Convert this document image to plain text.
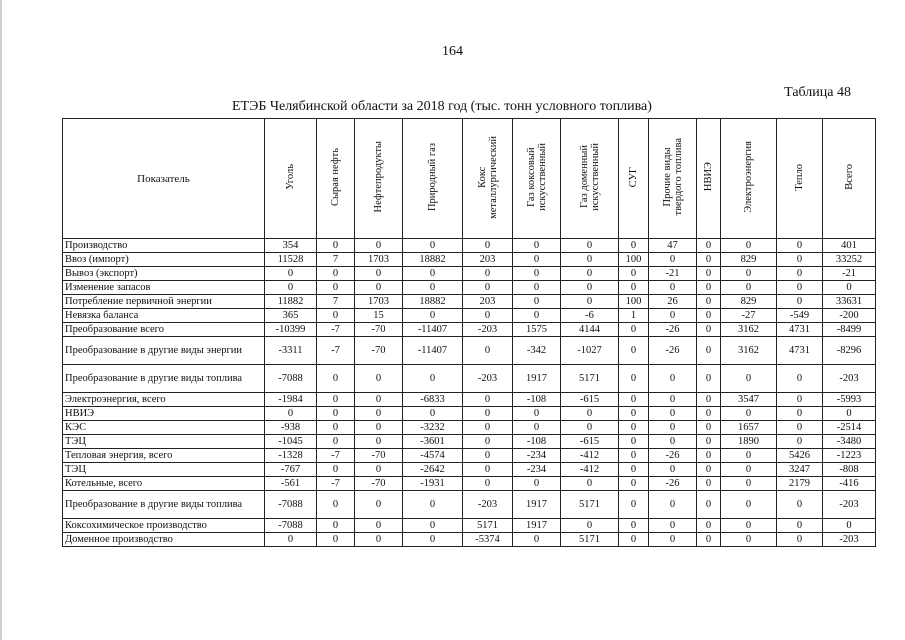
164
Таблица 48
ЕТЭБ Челябинской области за 2018 год (тыс. тонн условного топлива)
Показатель	Уголь	Сырая нефть	Нефтепродукты	Природный газ	Кокс
металлургический	Газ коксовый
искусственный	Газ доменный
искусственный	СУГ	Прочие виды
твердого топлива	НВИЭ	Электроэнергия	Тепло	Всего
Производство	354	0	0	0	0	0	0	0	47	0	0	0	401
Ввоз (импорт)	11528	7	1703	18882	203	0	0	100	0	0	829	0	33252
Вывоз (экспорт)	0	0	0	0	0	0	0	0	-21	0	0	0	-21
Изменение запасов	0	0	0	0	0	0	0	0	0	0	0	0	0
Потребление первичной энергии	11882	7	1703	18882	203	0	0	100	26	0	829	0	33631
Невязка баланса	365	0	15	0	0	0	-6	1	0	0	-27	-549	-200
Преобразование всего	-10399	-7	-70	-11407	-203	1575	4144	0	-26	0	3162	4731	-8499
Преобразование в другие виды энергии	-3311	-7	-70	-11407	0	-342	-1027	0	-26	0	3162	4731	-8296
Преобразование в другие виды топлива	-7088	0	0	0	-203	1917	5171	0	0	0	0	0	-203
Электроэнергия, всего	-1984	0	0	-6833	0	-108	-615	0	0	0	3547	0	-5993
НВИЭ	0	0	0	0	0	0	0	0	0	0	0	0	0
КЭС	-938	0	0	-3232	0	0	0	0	0	0	1657	0	-2514
ТЭЦ	-1045	0	0	-3601	0	-108	-615	0	0	0	1890	0	-3480
Тепловая энергия, всего	-1328	-7	-70	-4574	0	-234	-412	0	-26	0	0	5426	-1223
ТЭЦ	-767	0	0	-2642	0	-234	-412	0	0	0	0	3247	-808
Котельные, всего	-561	-7	-70	-1931	0	0	0	0	-26	0	0	2179	-416
Преобразование в другие виды топлива	-7088	0	0	0	-203	1917	5171	0	0	0	0	0	-203
Коксохимическое производство	-7088	0	0	0	5171	1917	0	0	0	0	0	0	0
Доменное производство	0	0	0	0	-5374	0	5171	0	0	0	0	0	-203
